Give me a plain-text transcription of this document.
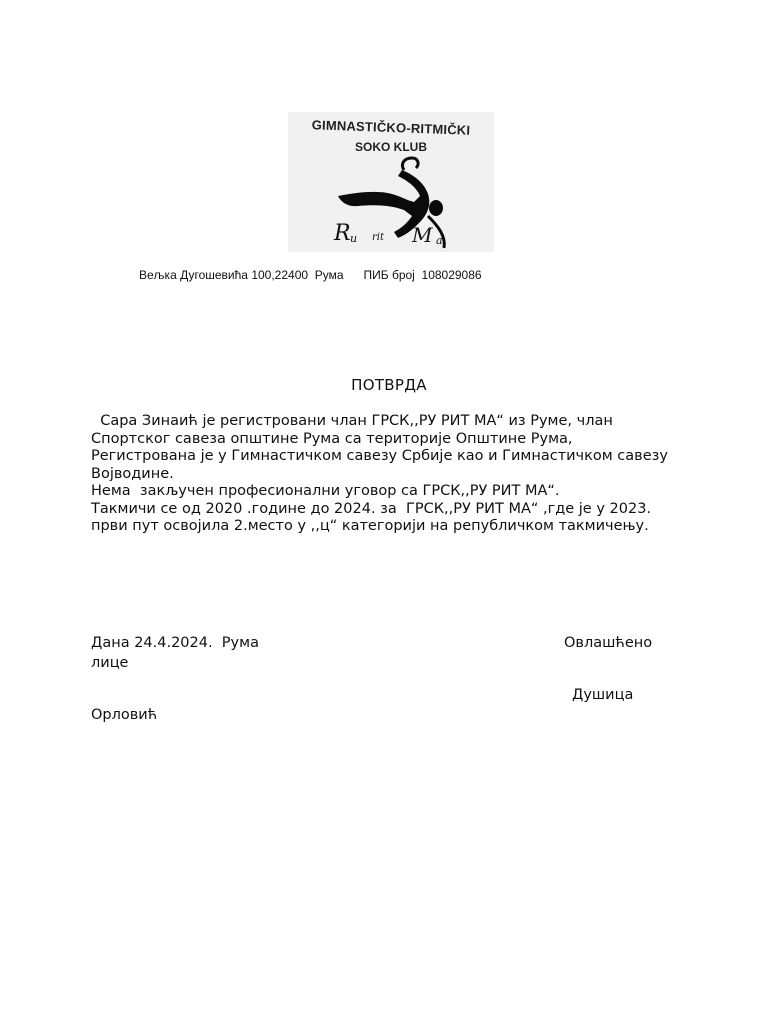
GIMNASTIČKO-RITMIČKI
SOKO KLUB
R u rit M a
Вељка Дугошевића 100,22400  Рума      ПИБ број  108029086
ПОТВРДА
Сара Зинаић је регистровани члан ГРСК,,РУ РИТ МА“ из Руме, члан Спортског савеза општине Рума са територије Општине Рума, Регистрована је у Гимнастичком савезу Србије као и Гимнастичком савезу Војводине.
Нема  закључен професионални уговор са ГРСК,,РУ РИТ МА“.
Такмичи се од 2020 .године до 2024. за  ГРСК,,РУ РИТ МА“ ,где је у 2023. први пут освојила 2.место у ,,ц“ категорији на републичком такмичењу.
Дана 24.4.2024.  Рума	Овлашћено
лице
Душица
Орловић
